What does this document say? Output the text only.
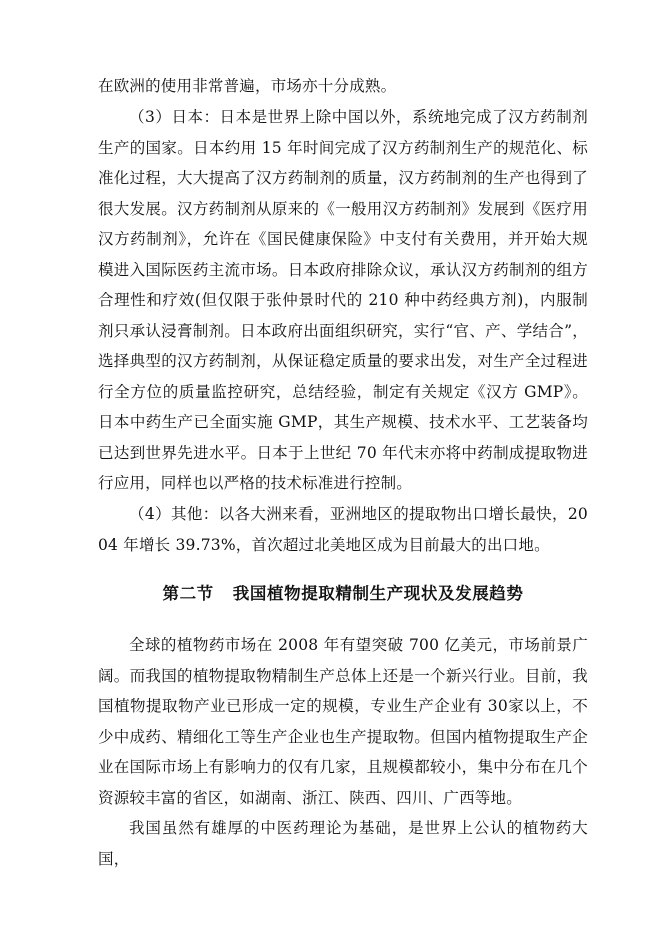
在欧洲的使用非常普遍，市场亦十分成熟。

（3）日本：日本是世界上除中国以外，系统地完成了汉方药制剂生产的国家。日本约用 15 年时间完成了汉方药制剂生产的规范化、标准化过程，大大提高了汉方药制剂的质量，汉方药制剂的生产也得到了很大发展。汉方药制剂从原来的《一般用汉方药制剂》发展到《医疗用汉方药制剂》，允许在《国民健康保险》中支付有关费用，并开始大规模进入国际医药主流市场。日本政府排除众议，承认汉方药制剂的组方合理性和疗效(但仅限于张仲景时代的 210 种中药经典方剂)，内服制剂只承认浸膏制剂。日本政府出面组织研究，实行“官、产、学结合”，选择典型的汉方药制剂，从保证稳定质量的要求出发，对生产全过程进行全方位的质量监控研究，总结经验，制定有关规定《汉方 GMP》。日本中药生产已全面实施 GMP，其生产规模、技术水平、工艺装备均已达到世界先进水平。日本于上世纪 70 年代末亦将中药制成提取物进行应用，同样也以严格的技术标准进行控制。

（4）其他：以各大洲来看，亚洲地区的提取物出口增长最快，2004 年增长 39.73%，首次超过北美地区成为目前最大的出口地。

第二节   我国植物提取精制生产现状及发展趋势

全球的植物药市场在 2008 年有望突破 700 亿美元，市场前景广阔。而我国的植物提取物精制生产总体上还是一个新兴行业。目前，我国植物提取物产业已形成一定的规模，专业生产企业有 30家以上，不少中成药、精细化工等生产企业也生产提取物。但国内植物提取生产企业在国际市场上有影响力的仅有几家，且规模都较小，集中分布在几个资源较丰富的省区，如湖南、浙江、陕西、四川、广西等地。

我国虽然有雄厚的中医药理论为基础，是世界上公认的植物药大国，
